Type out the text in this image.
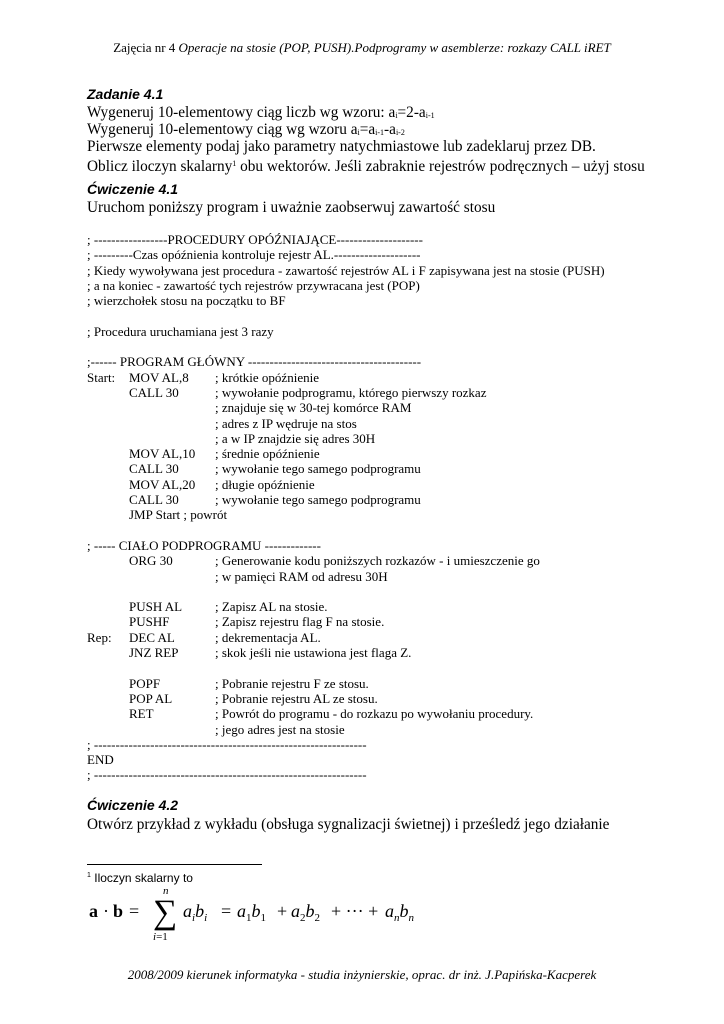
Zajęcia nr 4 Operacje na stosie (POP, PUSH).Podprogramy w asemblerze: rozkazy CALL iRET
Zadanie 4.1
Wygeneruj 10-elementowy ciąg liczb wg wzoru: $a_i=2-a_{i-1}$
Wygeneruj 10-elementowy ciąg wg wzoru $a_i=a_{i-1}-a_{i-2}$
Pierwsze elementy podaj jako parametry natychmiastowe lub zadeklaruj przez DB.
Oblicz iloczyn skalarny$^1$ obu wektorów. Jeśli zabraknie rejestrów podręcznych – użyj stosu
Ćwiczenie 4.1
Uruchom poniższy program i uważnie zaobserwuj zawartość stosu
; -----------------PROCEDURY OPÓŹNIAJĄCE--------------------
; ---------Czas opóźnienia kontroluje rejestr AL.--------------------
; Kiedy wywoływana jest procedura - zawartość rejestrów AL i F zapisywana jest na stosie (PUSH)
; a na koniec - zawartość tych rejestrów przywracana jest (POP)
; wierzchołek stosu na początku to BF
; Procedura uruchamiana jest 3 razy
;------ PROGRAM GŁÓWNY ----------------------------------------
Start: MOV AL,8 ; krótkie opóźnienie
CALL 30	; wywołanie podprogramu, którego pierwszy rozkaz
; znajduje się w 30-tej komórce RAM
; adres z IP wędruje na stos
; a w IP znajdzie się adres 30H
MOV AL,10 ; średnie opóźnienie
CALL 30	; wywołanie tego samego podprogramu
MOV AL,20 ; długie opóźnienie
CALL 30	; wywołanie tego samego podprogramu
JMP Start ; powrót
; ----- CIAŁO PODPROGRAMU -------------
ORG 30	; Generowanie kodu poniższych rozkazów - i umieszczenie go
; w pamięci RAM od adresu 30H
PUSH AL	; Zapisz AL na stosie.
PUSHF	; Zapisz rejestru flag F na stosie.
Rep: DEC AL	; dekrementacja AL.
JNZ REP	; skok jeśli nie ustawiona jest flaga Z.
POPF	; Pobranie rejestru F ze stosu.
POP AL	; Pobranie rejestru AL ze stosu.
RET	; Powrót do programu - do rozkazu po wywołaniu procedury.
; jego adres jest na stosie
; ---------------------------------------------------------------
END
; ---------------------------------------------------------------
Ćwiczenie 4.2
Otwórz przykład z wykładu (obsługa sygnalizacji świetnej) i prześledź jego działanie
$^1$ Iloczyn skalarny to
a · b = ∑
n
i=1
$a_ib_i = a_1b_1 + a_2b_2$ + ··· + $a_nb_n$
2008/2009 kierunek informatyka - studia inżynierskie, oprac. dr inż. J.Papińska-Kacperek
